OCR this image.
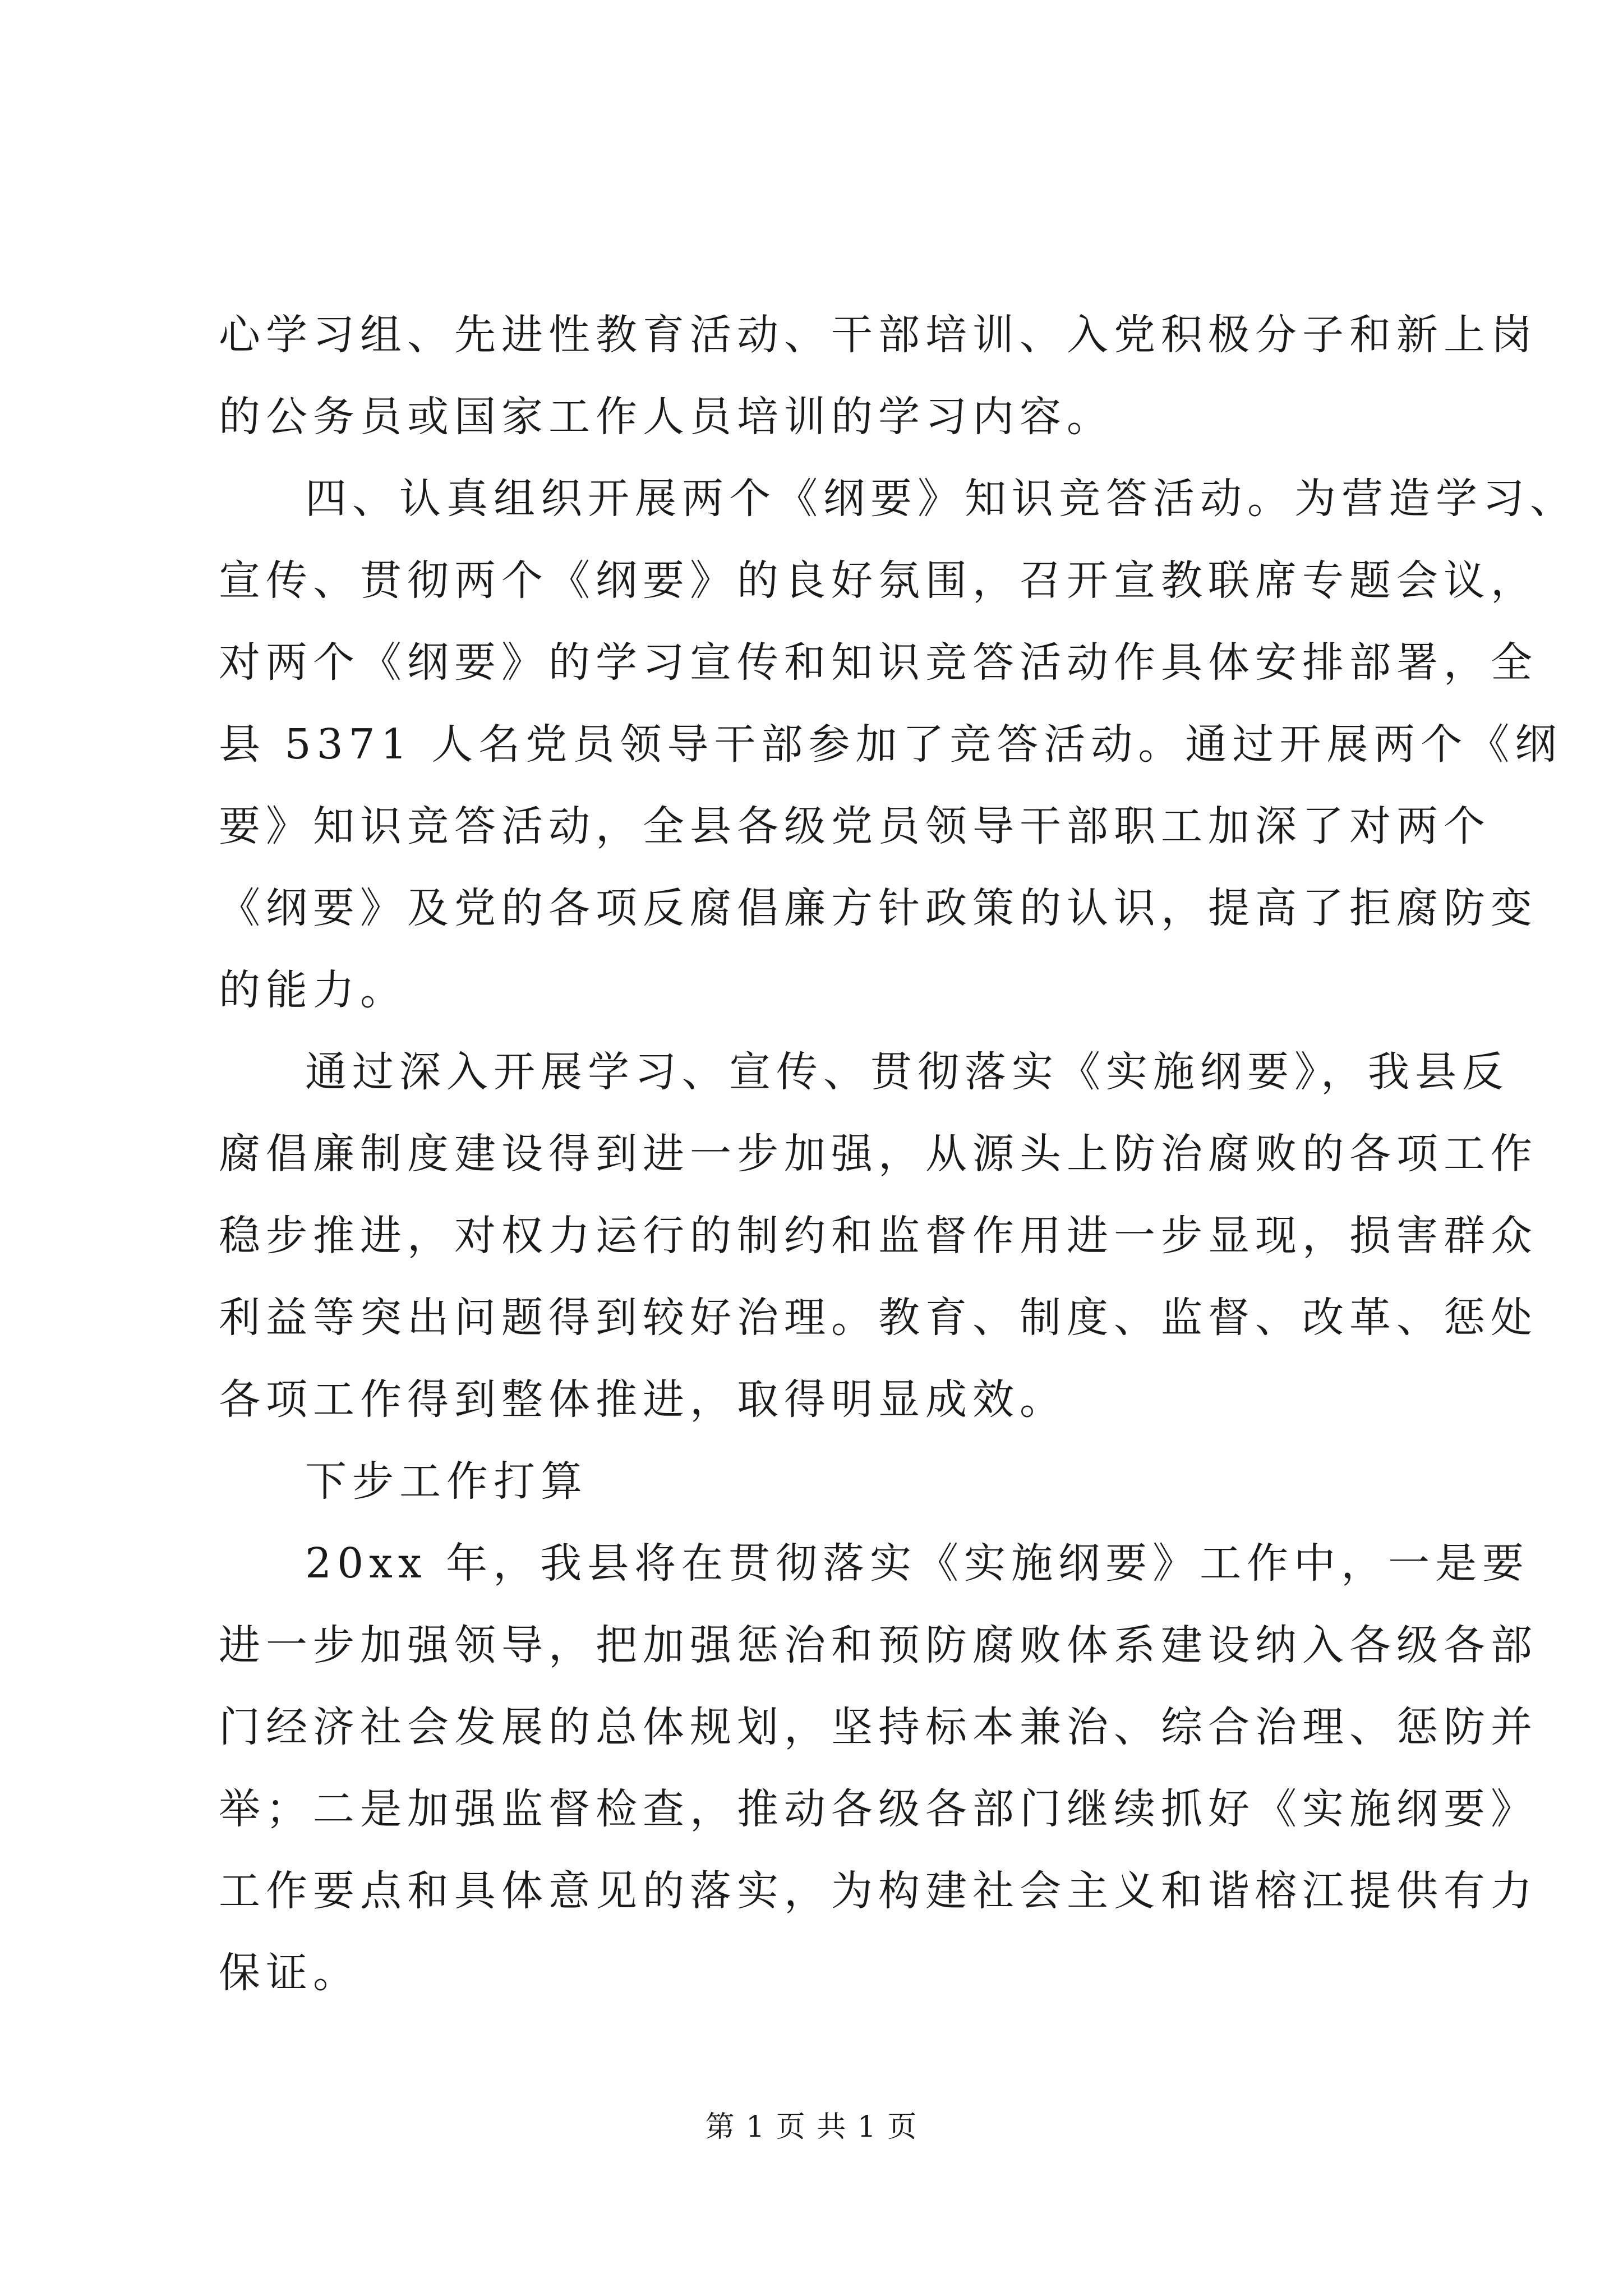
心学习组、先进性教育活动、干部培训、入党积极分子和新上岗
的公务员或国家工作人员培训的学习内容。
四、认真组织开展两个《纲要》知识竞答活动。为营造学习、
宣传、贯彻两个《纲要》的良好氛围，召开宣教联席专题会议，
对两个《纲要》的学习宣传和知识竞答活动作具体安排部署，全
县 5371 人名党员领导干部参加了竞答活动。通过开展两个《纲
要》知识竞答活动，全县各级党员领导干部职工加深了对两个
《纲要》及党的各项反腐倡廉方针政策的认识，提高了拒腐防变
的能力。
通过深入开展学习、宣传、贯彻落实《实施纲要》，我县反
腐倡廉制度建设得到进一步加强，从源头上防治腐败的各项工作
稳步推进，对权力运行的制约和监督作用进一步显现，损害群众
利益等突出问题得到较好治理。教育、制度、监督、改革、惩处
各项工作得到整体推进，取得明显成效。
下步工作打算
20xx 年，我县将在贯彻落实《实施纲要》工作中，一是要
进一步加强领导，把加强惩治和预防腐败体系建设纳入各级各部
门经济社会发展的总体规划，坚持标本兼治、综合治理、惩防并
举；二是加强监督检查，推动各级各部门继续抓好《实施纲要》
工作要点和具体意见的落实，为构建社会主义和谐榕江提供有力
保证。
第 1 页 共 1 页
